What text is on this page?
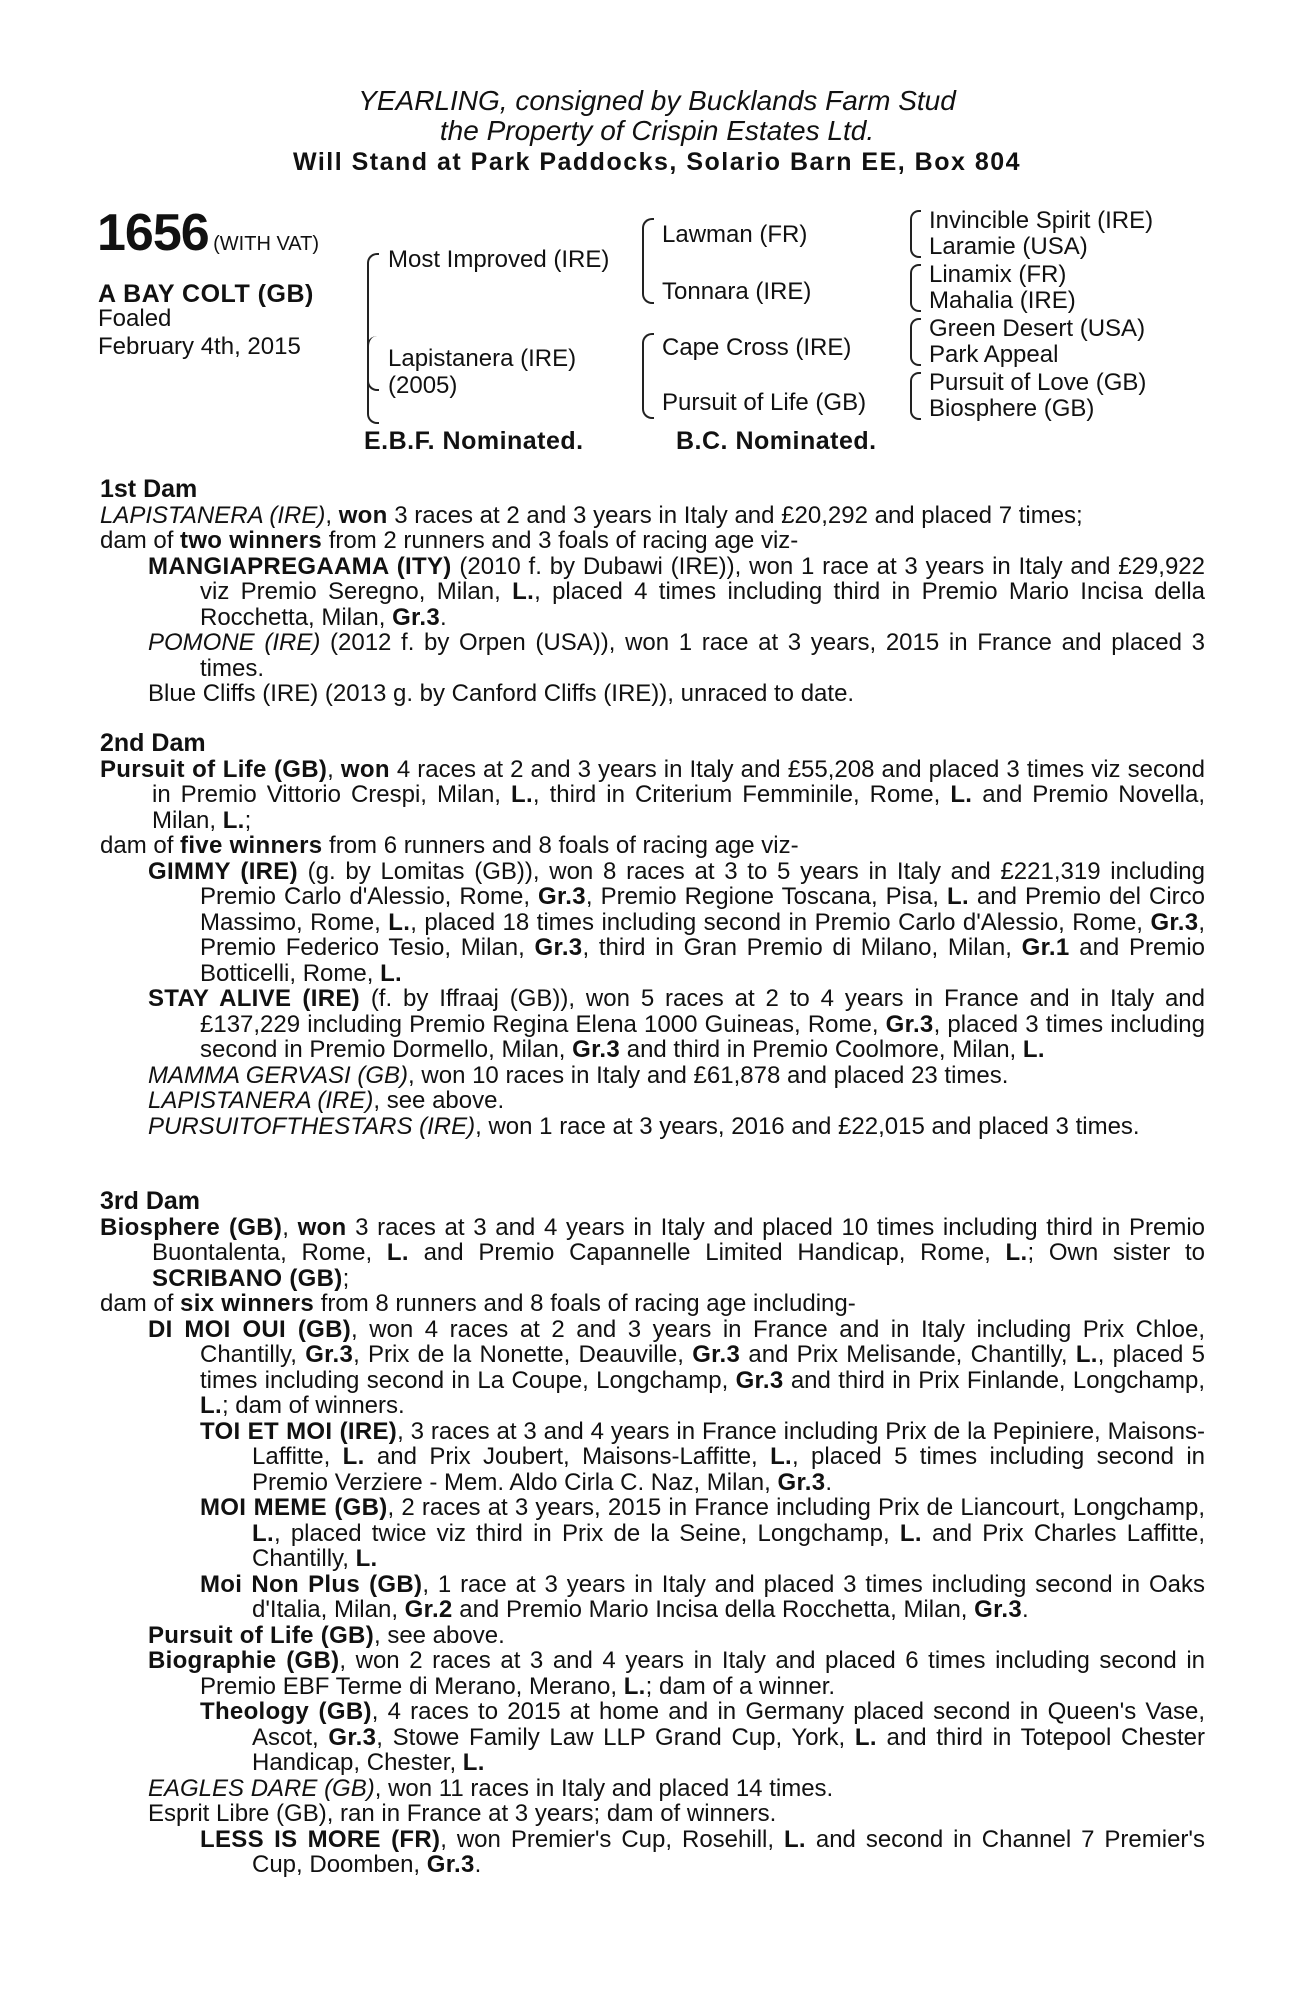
YEARLING, consigned by Bucklands Farm Stud
the Property of Crispin Estates Ltd.
Will Stand at Park Paddocks, Solario Barn EE, Box 804
1656 (WITH VAT)
A BAY COLT (GB)
Foaled
February 4th, 2015
Most Improved (IRE)
Lapistanera (IRE)
(2005)
Lawman (FR)
Tonnara (IRE)
Cape Cross (IRE)
Pursuit of Life (GB)
Invincible Spirit (IRE)
Laramie (USA)
Linamix (FR)
Mahalia (IRE)
Green Desert (USA)
Park Appeal
Pursuit of Love (GB)
Biosphere (GB)
E.B.F. Nominated.	B.C. Nominated.
1st Dam
LAPISTANERA (IRE), won 3 races at 2 and 3 years in Italy and £20,292 and placed 7 times;
dam of two winners from 2 runners and 3 foals of racing age viz-
MANGIAPREGAAMA (ITY) (2010 f. by Dubawi (IRE)), won 1 race at 3 years in Italy and £29,922 viz Premio Seregno, Milan, L., placed 4 times including third in Premio Mario Incisa della Rocchetta, Milan, Gr.3.
POMONE (IRE) (2012 f. by Orpen (USA)), won 1 race at 3 years, 2015 in France and placed 3 times.
Blue Cliffs (IRE) (2013 g. by Canford Cliffs (IRE)), unraced to date.
2nd Dam
Pursuit of Life (GB), won 4 races at 2 and 3 years in Italy and £55,208 and placed 3 times viz second in Premio Vittorio Crespi, Milan, L., third in Criterium Femminile, Rome, L. and Premio Novella, Milan, L.;
dam of five winners from 6 runners and 8 foals of racing age viz-
GIMMY (IRE) (g. by Lomitas (GB)), won 8 races at 3 to 5 years in Italy and £221,319 including Premio Carlo d'Alessio, Rome, Gr.3, Premio Regione Toscana, Pisa, L. and Premio del Circo Massimo, Rome, L., placed 18 times including second in Premio Carlo d'Alessio, Rome, Gr.3, Premio Federico Tesio, Milan, Gr.3, third in Gran Premio di Milano, Milan, Gr.1 and Premio Botticelli, Rome, L.
STAY ALIVE (IRE) (f. by Iffraaj (GB)), won 5 races at 2 to 4 years in France and in Italy and £137,229 including Premio Regina Elena 1000 Guineas, Rome, Gr.3, placed 3 times including second in Premio Dormello, Milan, Gr.3 and third in Premio Coolmore, Milan, L.
MAMMA GERVASI (GB), won 10 races in Italy and £61,878 and placed 23 times.
LAPISTANERA (IRE), see above.
PURSUITOFTHESTARS (IRE), won 1 race at 3 years, 2016 and £22,015 and placed 3 times.
3rd Dam
Biosphere (GB), won 3 races at 3 and 4 years in Italy and placed 10 times including third in Premio Buontalenta, Rome, L. and Premio Capannelle Limited Handicap, Rome, L.; Own sister to SCRIBANO (GB);
dam of six winners from 8 runners and 8 foals of racing age including-
DI MOI OUI (GB), won 4 races at 2 and 3 years in France and in Italy including Prix Chloe, Chantilly, Gr.3, Prix de la Nonette, Deauville, Gr.3 and Prix Melisande, Chantilly, L., placed 5 times including second in La Coupe, Longchamp, Gr.3 and third in Prix Finlande, Longchamp, L.; dam of winners.
TOI ET MOI (IRE), 3 races at 3 and 4 years in France including Prix de la Pepiniere, Maisons-Laffitte, L. and Prix Joubert, Maisons-Laffitte, L., placed 5 times including second in Premio Verziere - Mem. Aldo Cirla C. Naz, Milan, Gr.3.
MOI MEME (GB), 2 races at 3 years, 2015 in France including Prix de Liancourt, Longchamp, L., placed twice viz third in Prix de la Seine, Longchamp, L. and Prix Charles Laffitte, Chantilly, L.
Moi Non Plus (GB), 1 race at 3 years in Italy and placed 3 times including second in Oaks d'Italia, Milan, Gr.2 and Premio Mario Incisa della Rocchetta, Milan, Gr.3.
Pursuit of Life (GB), see above.
Biographie (GB), won 2 races at 3 and 4 years in Italy and placed 6 times including second in Premio EBF Terme di Merano, Merano, L.; dam of a winner.
Theology (GB), 4 races to 2015 at home and in Germany placed second in Queen's Vase, Ascot, Gr.3, Stowe Family Law LLP Grand Cup, York, L. and third in Totepool Chester Handicap, Chester, L.
EAGLES DARE (GB), won 11 races in Italy and placed 14 times.
Esprit Libre (GB), ran in France at 3 years; dam of winners.
LESS IS MORE (FR), won Premier's Cup, Rosehill, L. and second in Channel 7 Premier's Cup, Doomben, Gr.3.
